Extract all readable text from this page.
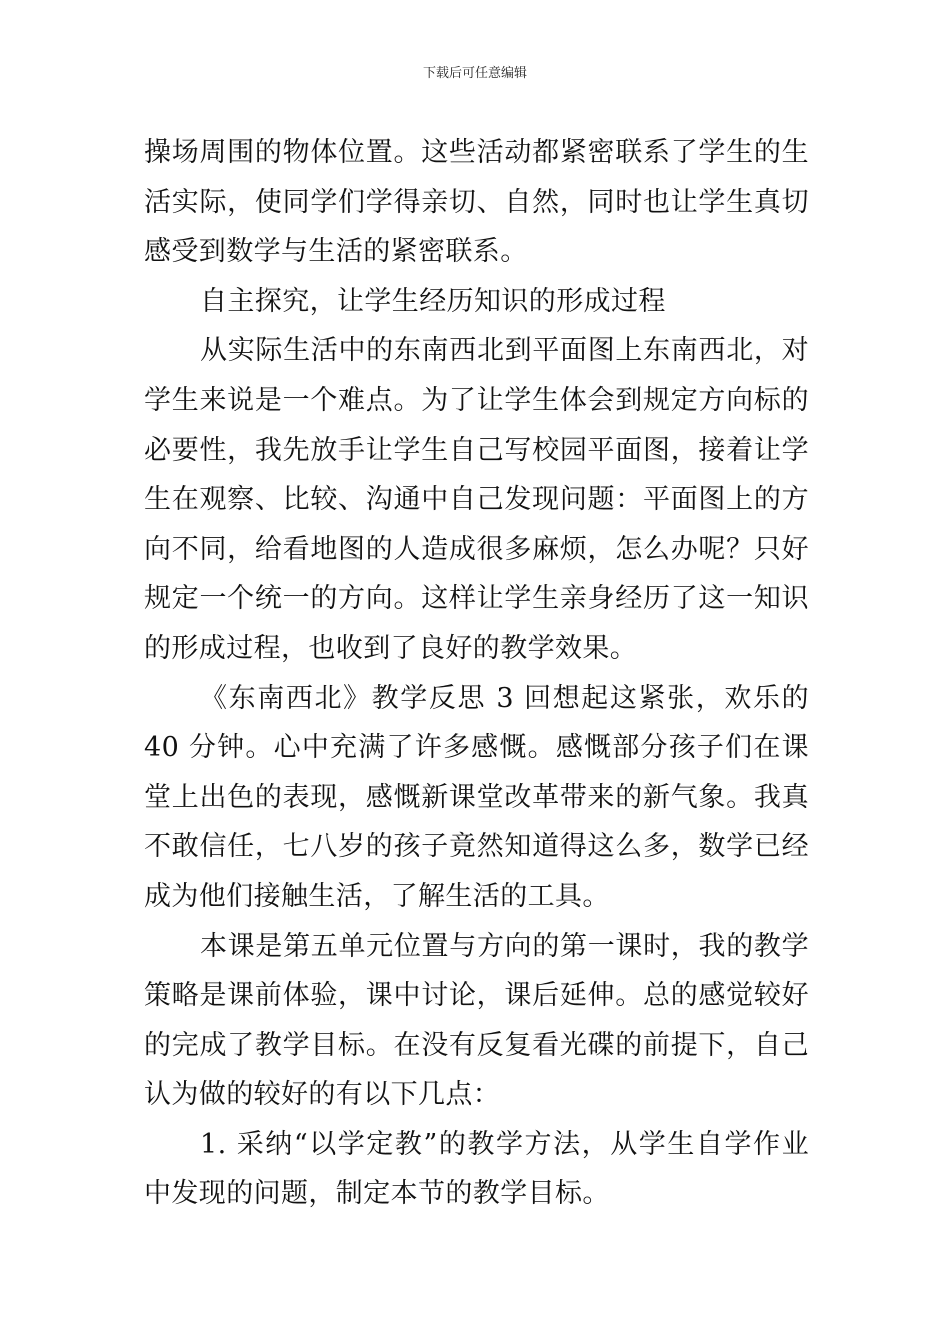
下载后可任意编辑

操场周围的物体位置。这些活动都紧密联系了学生的生活实际，使同学们学得亲切、自然，同时也让学生真切感受到数学与生活的紧密联系。

自主探究，让学生经历知识的形成过程

从实际生活中的东南西北到平面图上东南西北，对学生来说是一个难点。为了让学生体会到规定方向标的必要性，我先放手让学生自己写校园平面图，接着让学生在观察、比较、沟通中自己发现问题：平面图上的方向不同，给看地图的人造成很多麻烦，怎么办呢？只好规定一个统一的方向。这样让学生亲身经历了这一知识的形成过程，也收到了良好的教学效果。

《东南西北》教学反思 3 回想起这紧张，欢乐的 40 分钟。心中充满了许多感慨。感慨部分孩子们在课堂上出色的表现，感慨新课堂改革带来的新气象。我真不敢信任，七八岁的孩子竟然知道得这么多，数学已经成为他们接触生活，了解生活的工具。

本课是第五单元位置与方向的第一课时，我的教学策略是课前体验，课中讨论，课后延伸。总的感觉较好的完成了教学目标。在没有反复看光碟的前提下，自己认为做的较好的有以下几点：

1. 采纳“以学定教”的教学方法，从学生自学作业中发现的问题，制定本节的教学目标。
